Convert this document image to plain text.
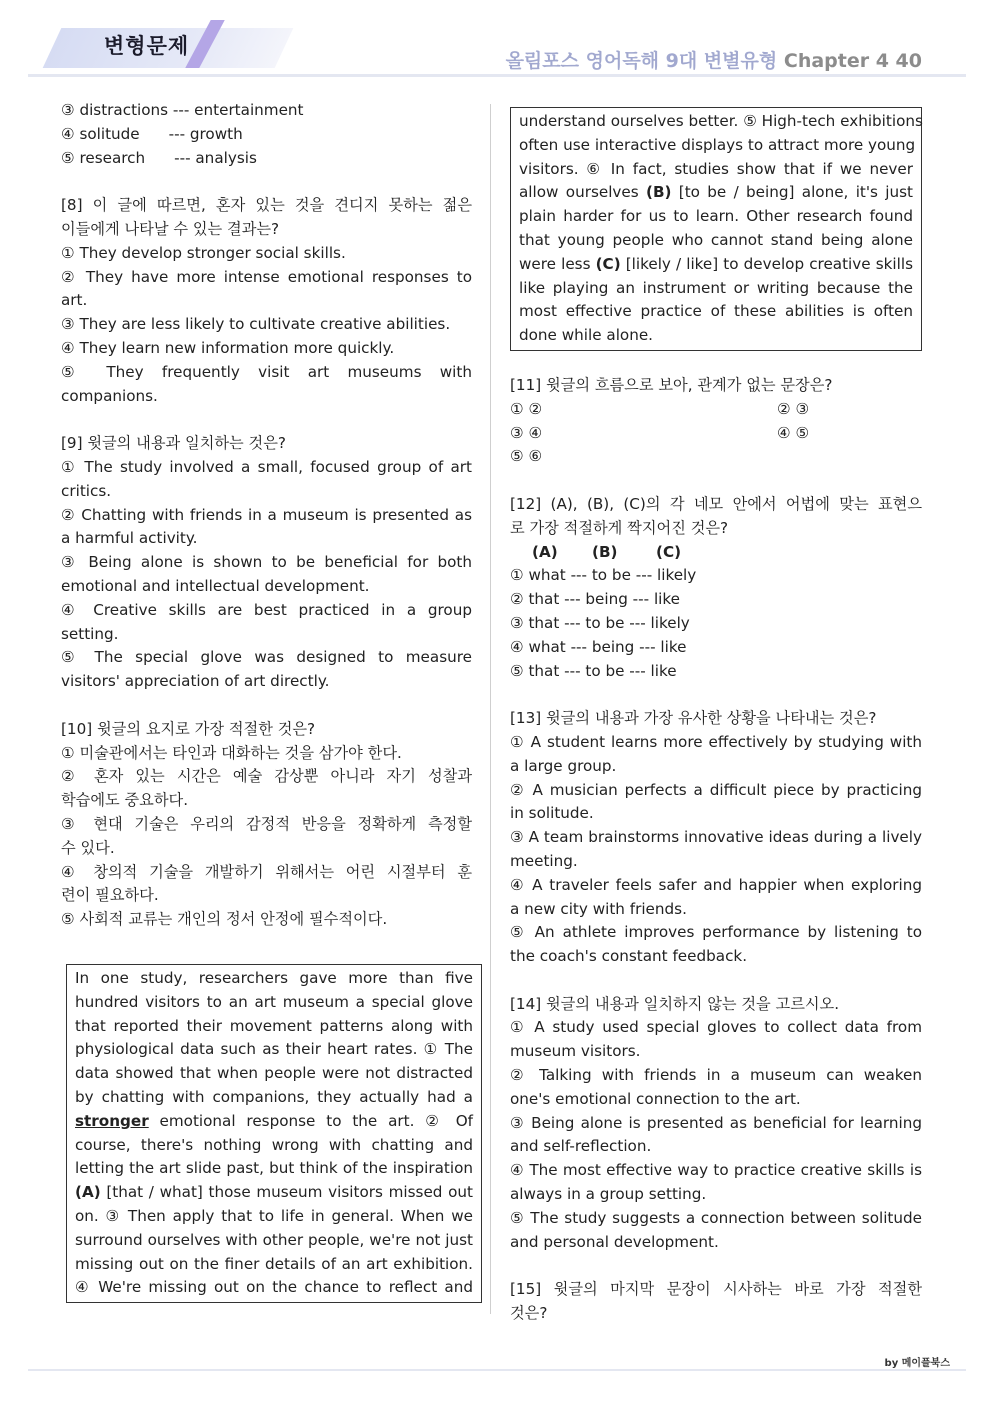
변형문제
올림포스 영어독해 9대 변별유형 Chapter 4 40
③ distractions --- entertainment
④ solitude      --- growth
⑤ research      --- analysis
[8] 이 글에 따르면, 혼자 있는 것을 견디지 못하는 젊은
이들에게 나타날 수 있는 결과는?
① They develop stronger social skills.
② They have more intense emotional responses to
art.
③ They are less likely to cultivate creative abilities.
④ They learn new information more quickly.
⑤ They frequently visit art museums with
companions.
[9] 윗글의 내용과 일치하는 것은?
① The study involved a small, focused group of art
critics.
② Chatting with friends in a museum is presented as
a harmful activity.
③ Being alone is shown to be beneficial for both
emotional and intellectual development.
④ Creative skills are best practiced in a group
setting.
⑤ The special glove was designed to measure
visitors' appreciation of art directly.
[10] 윗글의 요지로 가장 적절한 것은?
① 미술관에서는 타인과 대화하는 것을 삼가야 한다.
② 혼자 있는 시간은 예술 감상뿐 아니라 자기 성찰과
학습에도 중요하다.
③ 현대 기술은 우리의 감정적 반응을 정확하게 측정할
수 있다.
④ 창의적 기술을 개발하기 위해서는 어린 시절부터 훈
련이 필요하다.
⑤ 사회적 교류는 개인의 정서 안정에 필수적이다.
In one study, researchers gave more than five
hundred visitors to an art museum a special glove
that reported their movement patterns along with
physiological data such as their heart rates. ① The
data showed that when people were not distracted
by chatting with companions, they actually had a
stronger emotional response to the art. ② Of
course, there's nothing wrong with chatting and
letting the art slide past, but think of the inspiration
(A) [that / what] those museum visitors missed out
on. ③ Then apply that to life in general. When we
surround ourselves with other people, we're not just
missing out on the finer details of an art exhibition.
④ We're missing out on the chance to reflect and
understand ourselves better. ⑤ High-tech exhibitions
often use interactive displays to attract more young
visitors. ⑥ In fact, studies show that if we never
allow ourselves (B) [to be / being] alone, it's just
plain harder for us to learn. Other research found
that young people who cannot stand being alone
were less (C) [likely / like] to develop creative skills
like playing an instrument or writing because the
most effective practice of these abilities is often
done while alone.
[11] 윗글의 흐름으로 보아, 관계가 없는 문장은?
① ②	② ③
③ ④	④ ⑤
⑤ ⑥
[12] (A), (B), (C)의 각 네모 안에서 어법에 맞는 표현으
로 가장 적절하게 짝지어진 것은?
(A) (B)	(C)
① what --- to be --- likely
② that --- being --- like
③ that --- to be --- likely
④ what --- being --- like
⑤ that --- to be --- like
[13] 윗글의 내용과 가장 유사한 상황을 나타내는 것은?
① A student learns more effectively by studying with
a large group.
② A musician perfects a difficult piece by practicing
in solitude.
③ A team brainstorms innovative ideas during a lively
meeting.
④ A traveler feels safer and happier when exploring
a new city with friends.
⑤ An athlete improves performance by listening to
the coach's constant feedback.
[14] 윗글의 내용과 일치하지 않는 것을 고르시오.
① A study used special gloves to collect data from
museum visitors.
② Talking with friends in a museum can weaken
one's emotional connection to the art.
③ Being alone is presented as beneficial for learning
and self-reflection.
④ The most effective way to practice creative skills is
always in a group setting.
⑤ The study suggests a connection between solitude
and personal development.
[15] 윗글의 마지막 문장이 시사하는 바로 가장 적절한
것은?
by 메이플북스
